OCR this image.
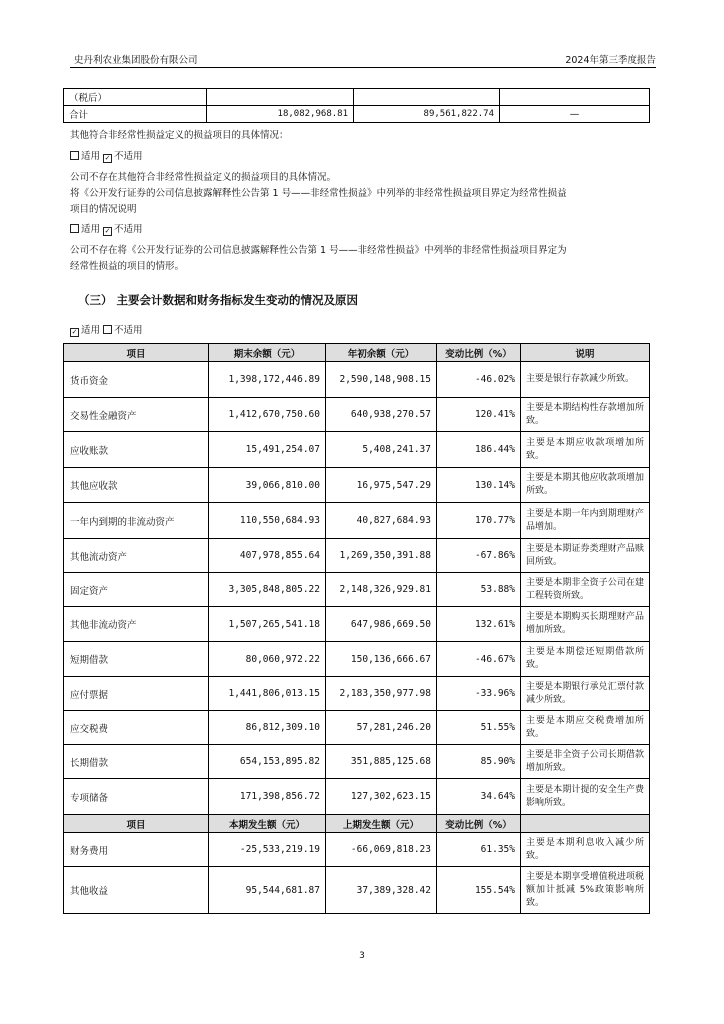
史丹利农业集团股份有限公司	2024年第三季度报告
（税后）			
合计	18,082,968.81	89,561,822.74	—
其他符合非经常性损益定义的损益项目的具体情况：
适用 ✓ 不适用
公司不存在其他符合非经常性损益定义的损益项目的具体情况。
将《公开发行证券的公司信息披露解释性公告第 1 号——非经常性损益》中列举的非经常性损益项目界定为经常性损益
项目的情况说明
适用 ✓ 不适用
公司不存在将《公开发行证券的公司信息披露解释性公告第 1 号——非经常性损益》中列举的非经常性损益项目界定为
经常性损益的项目的情形。
（三） 主要会计数据和财务指标发生变动的情况及原因
✓ 适用 不适用
项目	期末余额（元）	年初余额（元）	变动比例（%）	说明
货币资金	1,398,172,446.89	2,590,148,908.15	-46.02%	主要是银行存款减少所致。
交易性金融资产	1,412,670,750.60	640,938,270.57	120.41%	主要是本期结构性存款增加所致。
应收账款	15,491,254.07	5,408,241.37	186.44%	主要是本期应收款项增加所致。
其他应收款	39,066,810.00	16,975,547.29	130.14%	主要是本期其他应收款项增加所致。
一年内到期的非流动资产	110,550,684.93	40,827,684.93	170.77%	主要是本期一年内到期理财产品增加。
其他流动资产	407,978,855.64	1,269,350,391.88	-67.86%	主要是本期证券类理财产品赎回所致。
固定资产	3,305,848,805.22	2,148,326,929.81	53.88%	主要是本期非全资子公司在建工程转资所致。
其他非流动资产	1,507,265,541.18	647,986,669.50	132.61%	主要是本期购买长期理财产品增加所致。
短期借款	80,060,972.22	150,136,666.67	-46.67%	主要是本期偿还短期借款所致。
应付票据	1,441,806,013.15	2,183,350,977.98	-33.96%	主要是本期银行承兑汇票付款减少所致。
应交税费	86,812,309.10	57,281,246.20	51.55%	主要是本期应交税费增加所致。
长期借款	654,153,895.82	351,885,125.68	85.90%	主要是非全资子公司长期借款增加所致。
专项储备	171,398,856.72	127,302,623.15	34.64%	主要是本期计提的安全生产费影响所致。
项目	本期发生额（元）	上期发生额（元）	变动比例（%）	
财务费用	-25,533,219.19	-66,069,818.23	61.35%	主要是本期利息收入减少所致。
其他收益	95,544,681.87	37,389,328.42	155.54%	主要是本期享受增值税进项税额加计抵减 5%政策影响所致。
3
